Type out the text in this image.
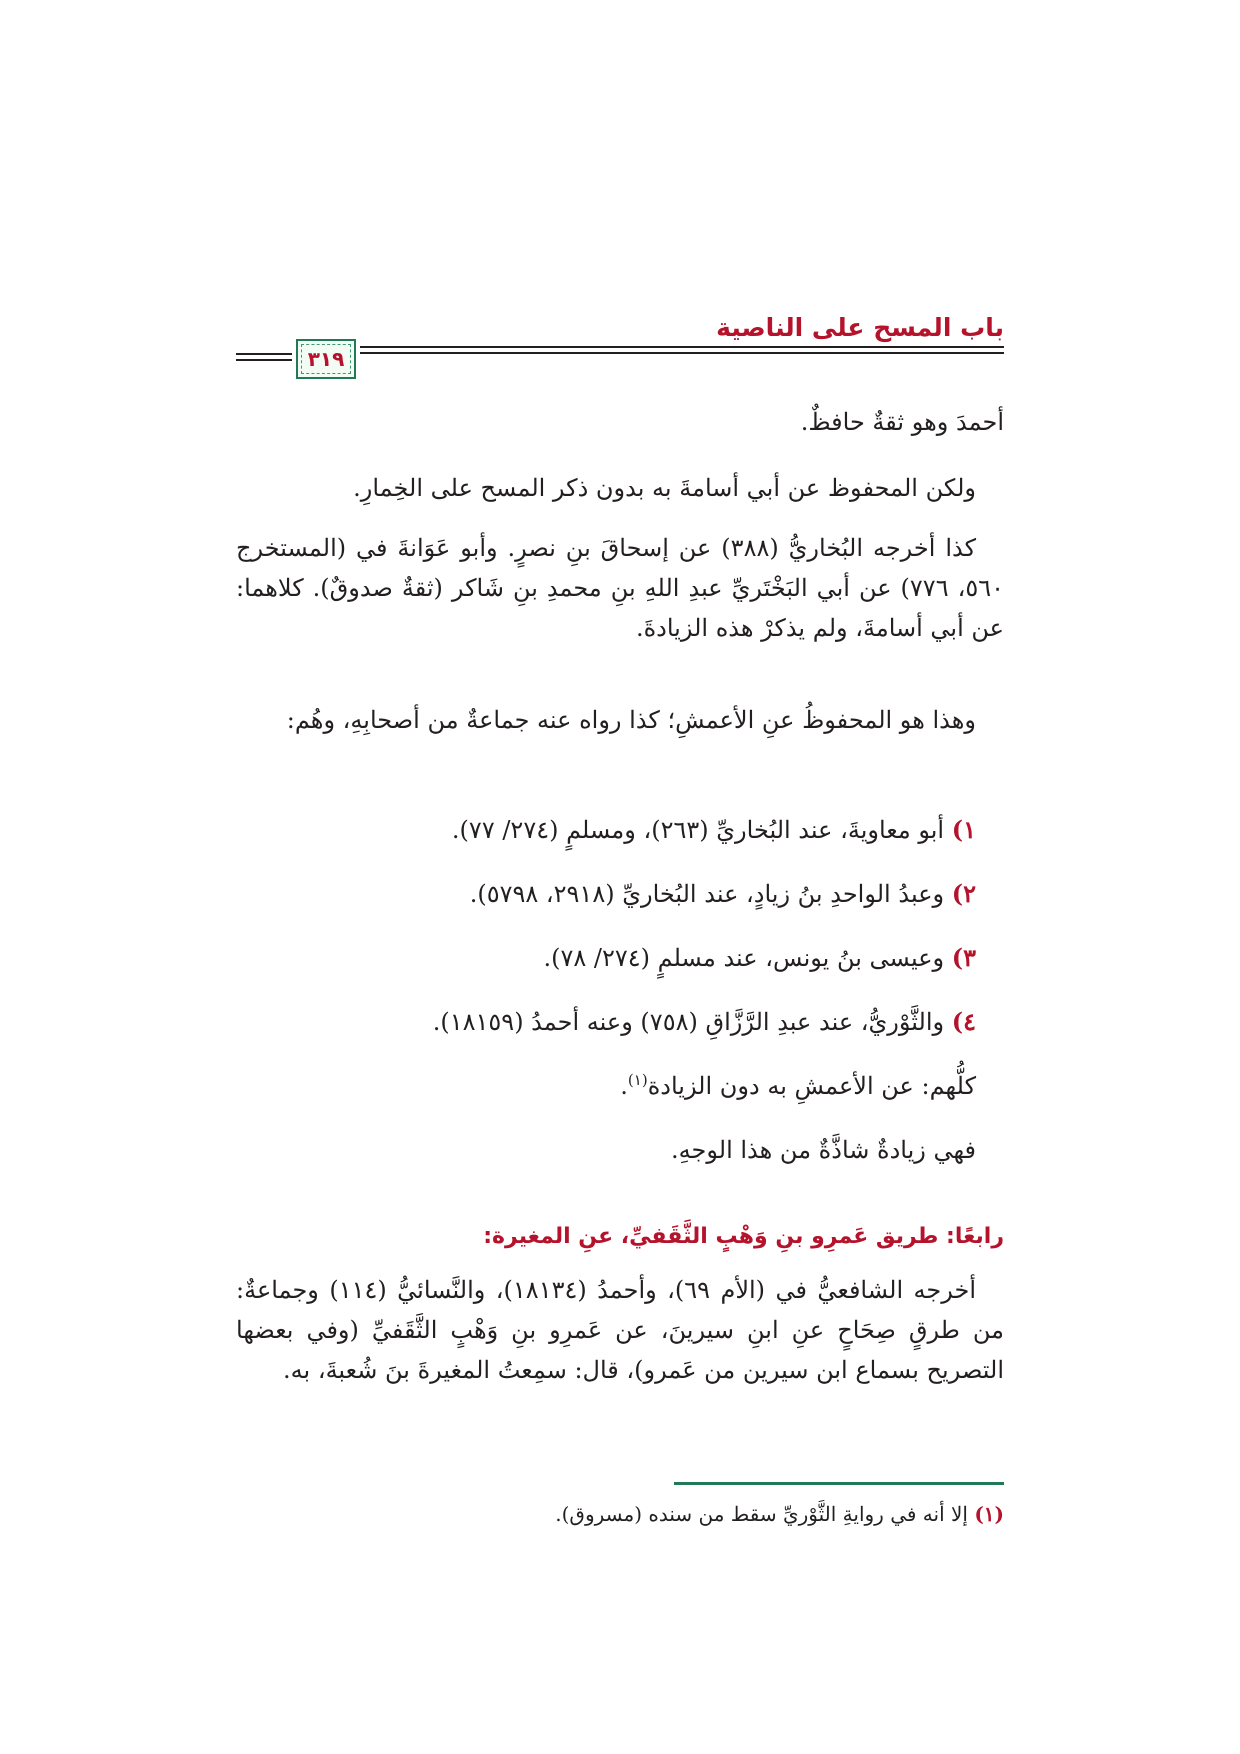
باب المسح على الناصية
٣١٩
أحمدَ وهو ثقةٌ حافظٌ.
ولكن المحفوظ عن أبي أسامةَ به بدون ذكر المسح على الخِمارِ.
كذا أخرجه البُخاريُّ (٣٨٨) عن إسحاقَ بنِ نصرٍ. وأبو عَوَانةَ في (المستخرج ٥٦٠، ٧٧٦) عن أبي البَخْتَريِّ عبدِ اللهِ بنِ محمدِ بنِ شَاكر (ثقةٌ صدوقٌ). كلاهما: عن أبي أسامةَ، ولم يذكرْ هذه الزيادةَ.
وهذا هو المحفوظُ عنِ الأعمشِ؛ كذا رواه عنه جماعةٌ من أصحابِهِ، وهُم:
١) أبو معاويةَ، عند البُخاريِّ (٢٦٣)، ومسلمٍ (٢٧٤/ ٧٧).
٢) وعبدُ الواحدِ بنُ زيادٍ، عند البُخاريِّ (٢٩١٨، ٥٧٩٨).
٣) وعيسى بنُ يونس، عند مسلمٍ (٢٧٤/ ٧٨).
٤) والثَّوْريُّ، عند عبدِ الرَّزَّاقِ (٧٥٨) وعنه أحمدُ (١٨١٥٩).
كلُّهم: عن الأعمشِ به دون الزيادة$^{(١)}$.
فهي زيادةٌ شاذَّةٌ من هذا الوجهِ.
رابعًا: طريق عَمرِو بنِ وَهْبٍ الثَّقَفيِّ، عنِ المغيرة:
أخرجه الشافعيُّ في (الأم ٦٩)، وأحمدُ (١٨١٣٤)، والنَّسائيُّ (١١٤) وجماعةٌ: من طرقٍ صِحَاحٍ عنِ ابنِ سيرينَ، عن عَمرِو بنِ وَهْبٍ الثَّقَفيِّ (وفي بعضها التصريح بسماع ابن سيرين من عَمرو)، قال: سمِعتُ المغيرةَ بنَ شُعبةَ، به.
(١) إلا أنه في روايةِ الثَّوْريِّ سقط من سنده (مسروق).
